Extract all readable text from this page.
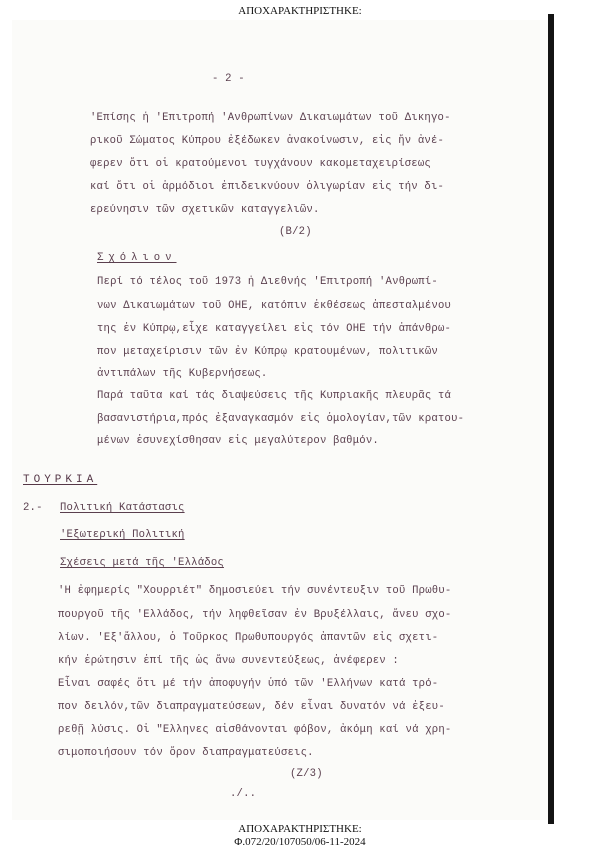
ΑΠΟΧΑΡΑΚΤΗΡΙΣΤΗΚΕ:
- 2 -
'Επίσης ἡ 'Επιτροπή 'Ανθρωπίνων Δικαιωμάτων τοῦ Δικηγο-
ρικοῦ Σώματος Κύπρου ἐξέδωκεν ἀνακοίνωσιν, εἰς ἥν ἀνέ-
φερεν ὅτι οἱ κρατούμενοι τυγχάνουν κακομεταχειρίσεως
καί ὅτι οἱ ἁρμόδιοι ἐπιδεικνύουν ὀλιγωρίαν εἰς τήν δι-
ερεύνησιν τῶν σχετικῶν καταγγελιῶν.
(Β/2)
Σχόλιον
Περί τό τέλος τοῦ 1973 ἡ Διεθνής 'Επιτροπή 'Ανθρωπί-
νων Δικαιωμάτων τοῦ ΟΗΕ, κατόπιν ἐκθέσεως ἀπεσταλμένου
της ἐν Κύπρῳ,εἶχε καταγγείλει εἰς τόν ΟΗΕ τήν ἀπάνθρω-
πον μεταχείρισιν τῶν ἐν Κύπρῳ κρατουμένων, πολιτικῶν
ἀντιπάλων τῆς Κυβερνήσεως.
Παρά ταῦτα καί τάς διαψεύσεις τῆς Κυπριακῆς πλευρᾶς τά
βασανιστήρια,πρός ἐξαναγκασμόν εἰς ὁμολογίαν,τῶν κρατου-
μένων ἐσυνεχίσθησαν εἰς μεγαλύτερον βαθμόν.
ΤΟΥΡΚΙΑ
2.- Πολιτική Κατάστασις
'Εξωτερική Πολιτική
Σχέσεις μετά τῆς 'Ελλάδος
'Η ἐφημερίς "Χουρριέτ" δημοσιεύει τήν συνέντευξιν τοῦ Πρωθυ-
πουργοῦ τῆς 'Ελλάδος, τήν ληφθεῖσαν ἐν Βρυξέλλαις, ἄνευ σχο-
λίων. 'Εξ'ἄλλου, ὁ Τοῦρκος Πρωθυπουργός ἀπαντῶν εἰς σχετι-
κήν ἐρώτησιν ἐπί τῆς ὡς ἄνω συνεντεύξεως, ἀνέφερεν :
Εἶναι σαφές ὅτι μέ τήν ἀποφυγήν ὑπό τῶν 'Ελλήνων κατά τρό-
πον δειλόν,τῶν διαπραγματεύσεων, δέν εἶναι δυνατόν νά ἐξευ-
ρεθῇ λύσις. Οἱ "Ελληνες αἰσθάνονται φόβον, ἀκόμη καί νά χρη-
σιμοποιήσουν τόν ὅρον διαπραγματεύσεις.
(Ζ/3)
./..
ΑΠΟΧΑΡΑΚΤΗΡΙΣΤΗΚΕ:
Φ.072/20/107050/06-11-2024
